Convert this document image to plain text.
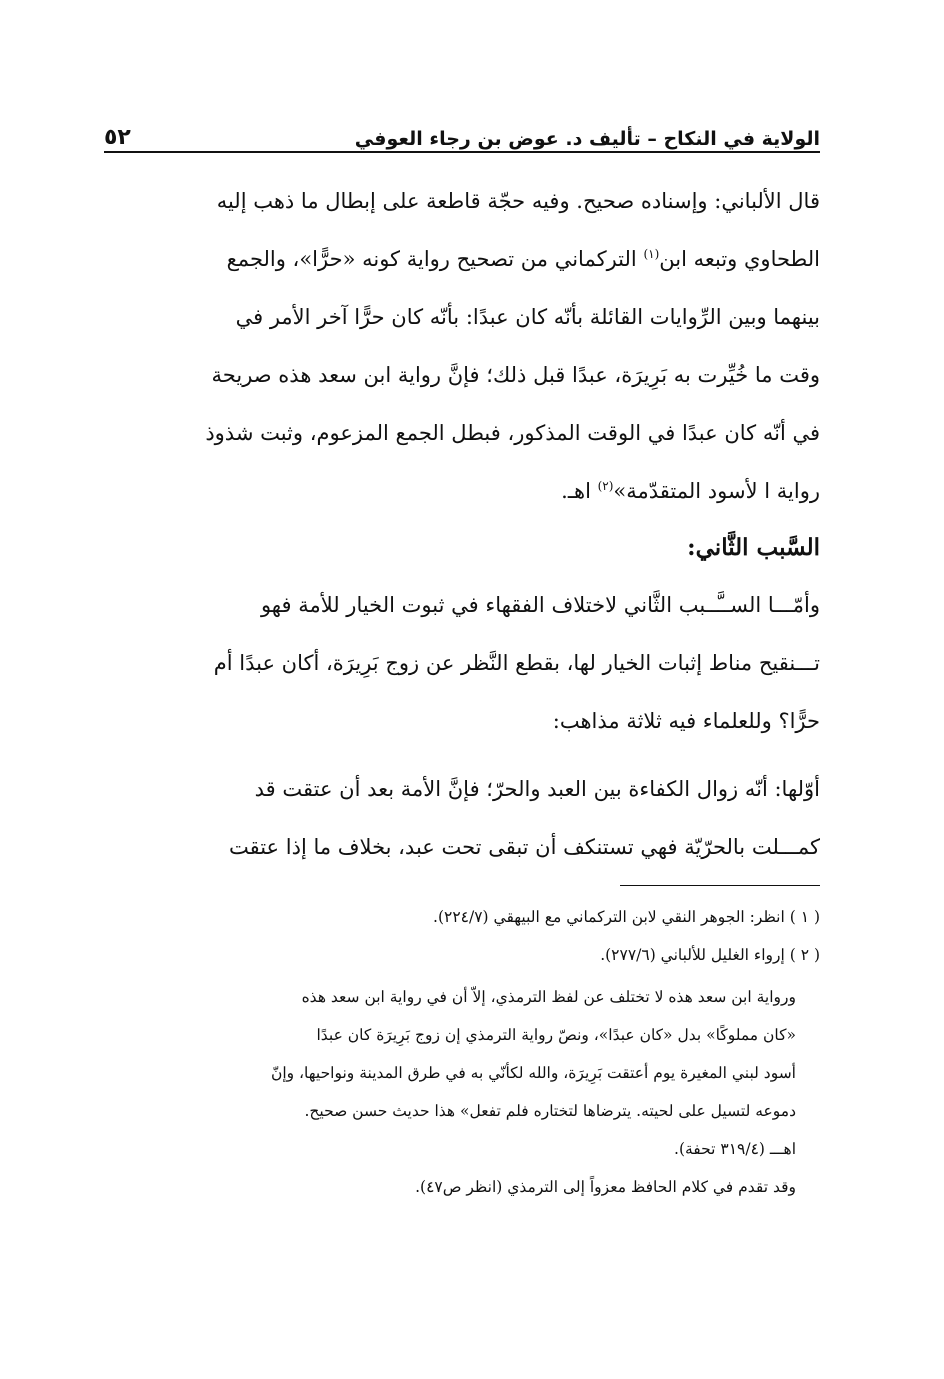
الولاية في النكاح – تأليف د. عوض بن رجاء العوفي
٥٢

قال الألباني: وإسناده صحيح. وفيه حجّة قاطعة على إبطال ما ذهب إليه

الطحاوي وتبعه ابن$^{(١)}$ التركماني من تصحيح رواية كونه «حرًّا»، والجمع

بينهما وبين الرِّوايات القائلة بأنّه كان عبدًا: بأنّه كان حرًّا آخر الأمر في

وقت ما خُيِّرت به بَرِيرَة، عبدًا قبل ذلك؛ فإنَّ رواية ابن سعد هذه صريحة

في أنّه كان عبدًا في الوقت المذكور، فبطل الجمع المزعوم، وثبت شذوذ

رواية ا لأسود المتقدّمة»$^{(٢)}$ اهـ.

السَّبب الثَّاني:

وأمّـــا الســَّــبب الثَّاني لاختلاف الفقهاء في ثبوت الخيار للأمة فهو

تـــنقيح مناط إثبات الخيار لها، بقطع النَّظر عن زوج بَرِيرَة، أكان عبدًا أم

حرًّا؟ وللعلماء فيه ثلاثة مذاهب:

أوّلها: أنّه زوال الكفاءة بين العبد والحرّ؛ فإنَّ الأمة بعد أن عتقت قد

كمـــلت بالحرّيّة فهي تستنكف أن تبقى تحت عبد، بخلاف ما إذا عتقت

( ١ ) انظر: الجوهر النقي لابن التركماني مع البيهقي (٢٢٤/٧).

( ٢ ) إرواء الغليل للألباني (٢٧٧/٦).

ورواية ابن سعد هذه لا تختلف عن لفظ الترمذي، إلاّ أن في رواية ابن سعد هذه

«كان مملوكًا» بدل «كان عبدًا»، ونصّ رواية الترمذي إن زوج بَرِيرَة كان عبدًا

أسود لبني المغيرة يوم أعتقت بَرِيرَة، والله لكأنّي به في طرق المدينة ونواحيها، وإنّ

دموعه لتسيل على لحيته. يترضاها لتختاره فلم تفعل» هذا حديث حسن صحيح.

اهـــ (٣١٩/٤ تحفة).

وقد تقدم في كلام الحافظ معزواً إلى الترمذي (انظر ص٤٧).
